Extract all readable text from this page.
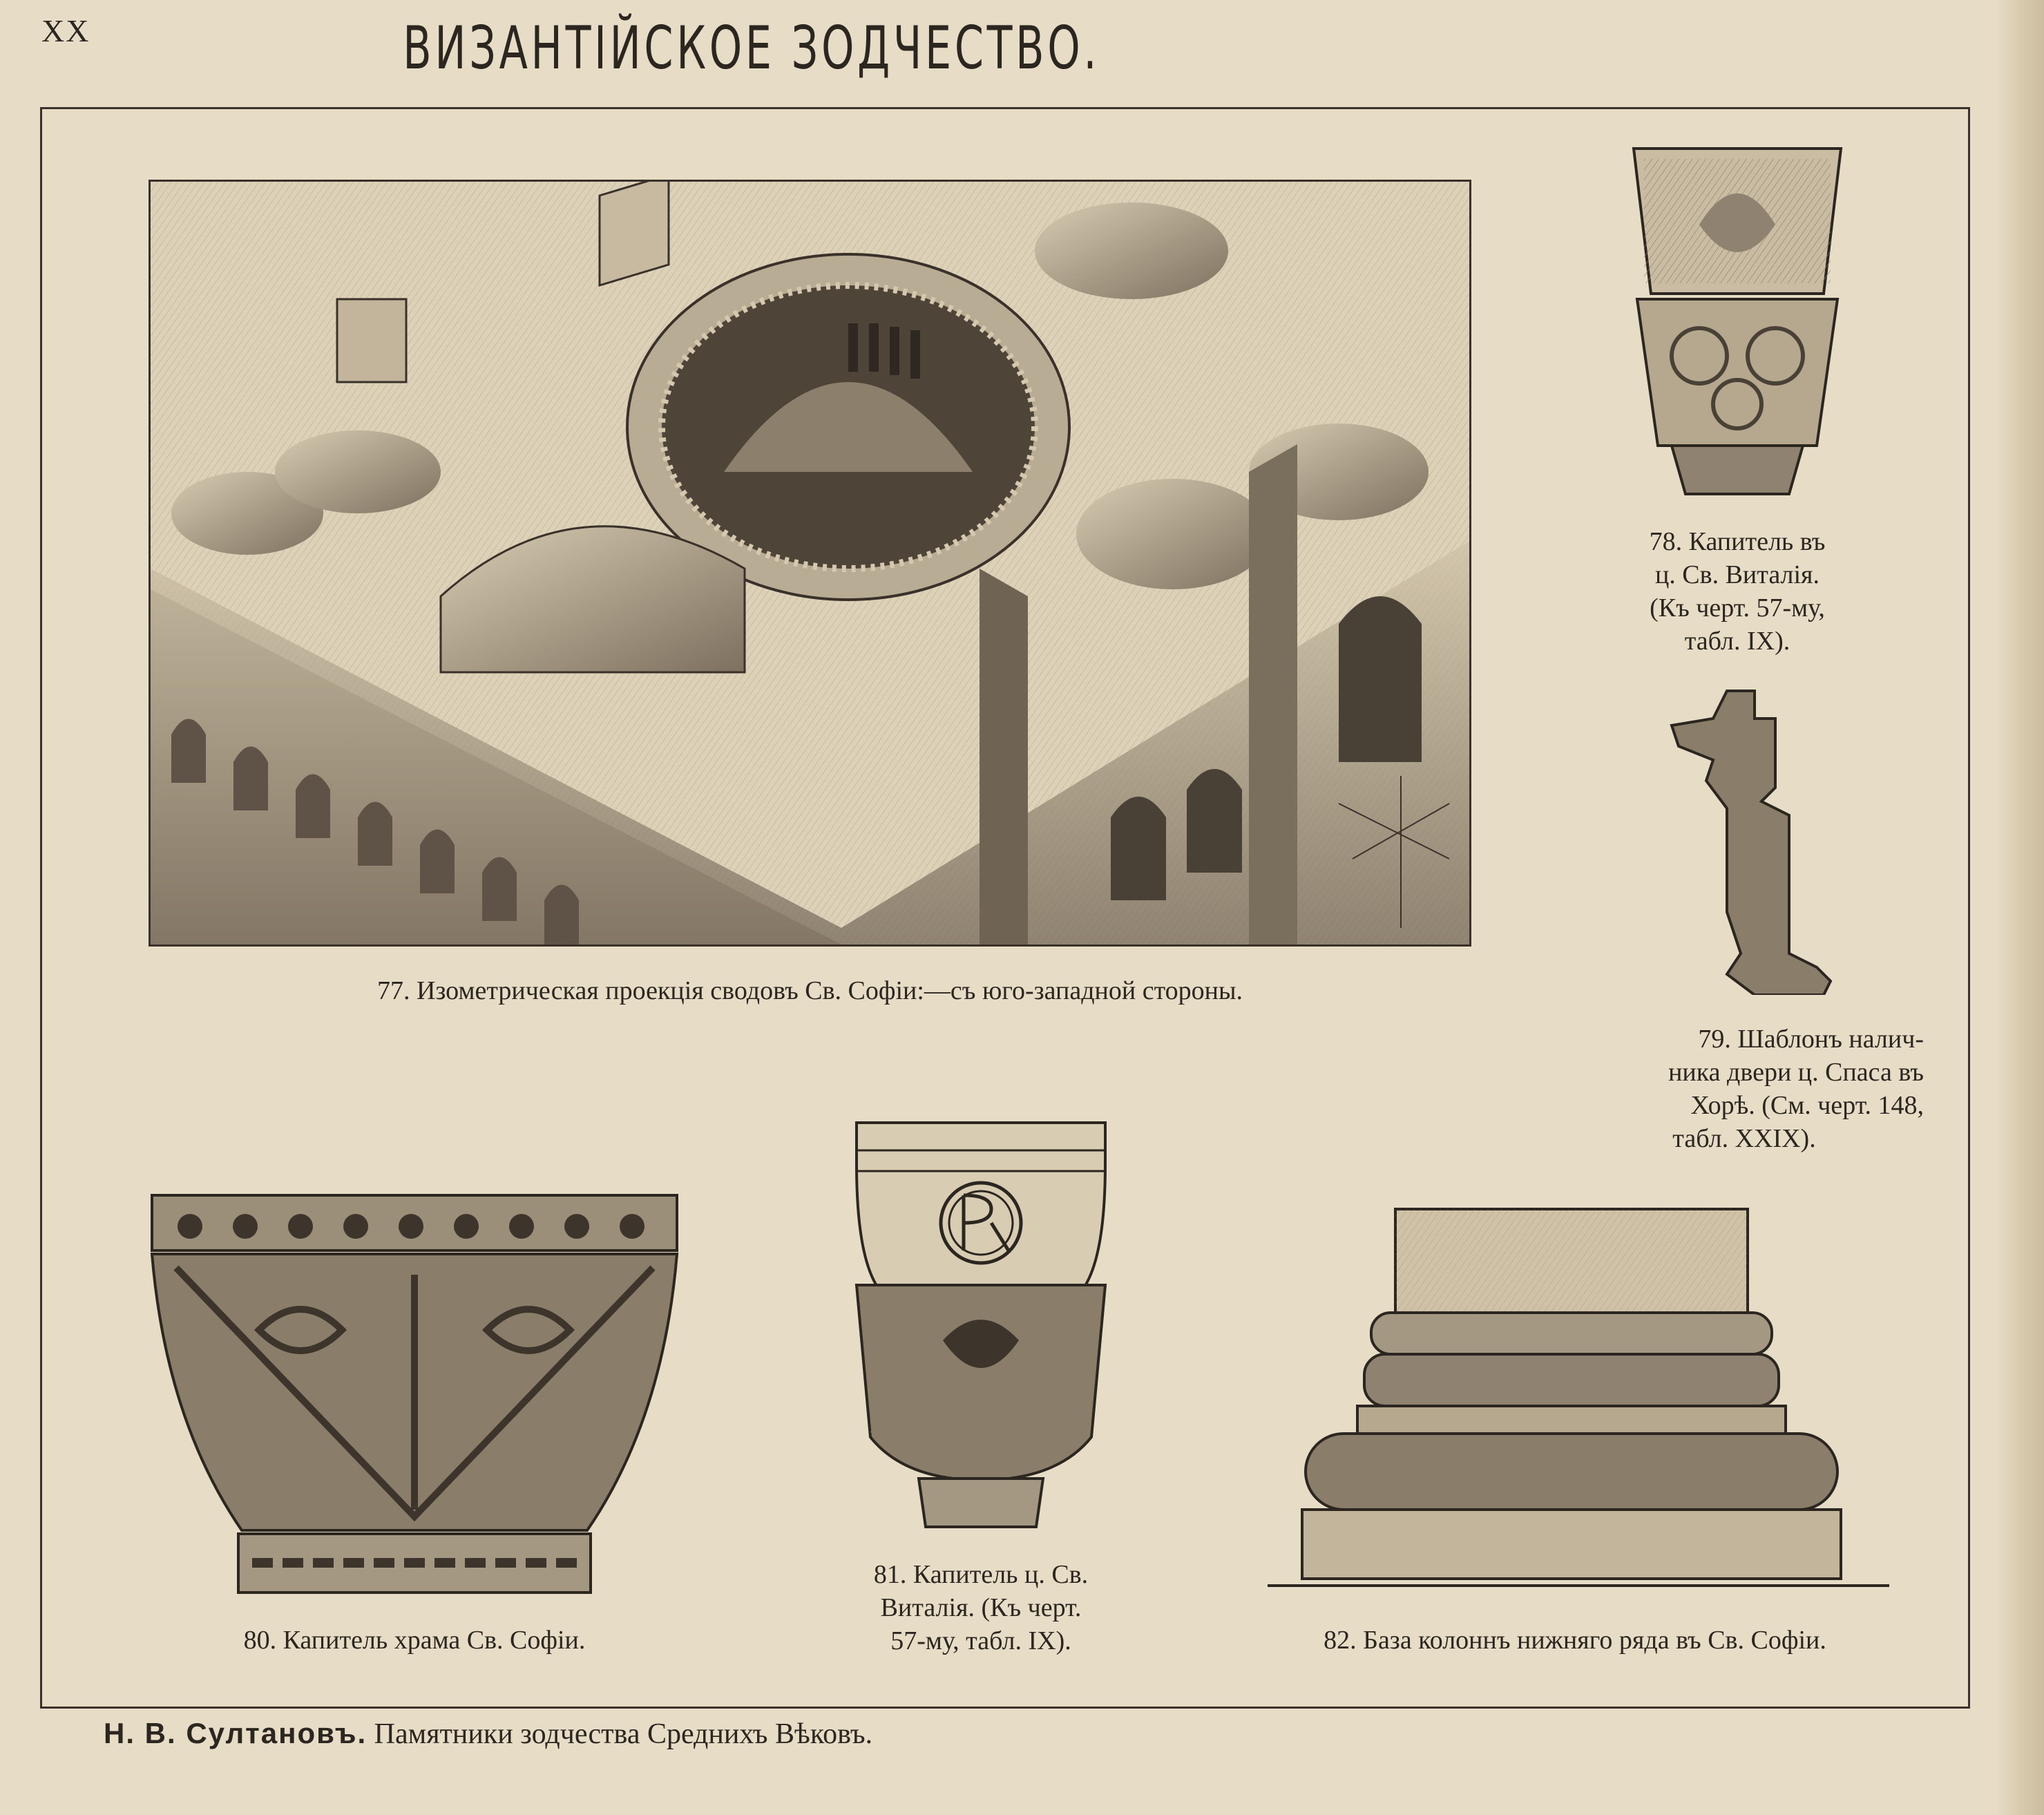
XX	ВИЗАНТІЙСКОЕ ЗОДЧЕСТВО.
77. Изометрическая проекція сводовъ Св. Софіи:—съ юго-западной стороны.
78. Капитель въ
ц. Св. Виталія.
(Къ черт. 57-му,
табл. IX).
79. Шаблонъ налич-
ника двери ц. Спаса въ
Хорѣ. (См. черт. 148,
табл. XXIX).
80. Капитель храма Св. Софіи.
81. Капитель ц. Св.
Виталія. (Къ черт.
57-му, табл. IX).	82. База колоннъ нижняго ряда въ Св. Софіи.
Н. В. Султановъ. Памятники зодчества Среднихъ Вѣковъ.
